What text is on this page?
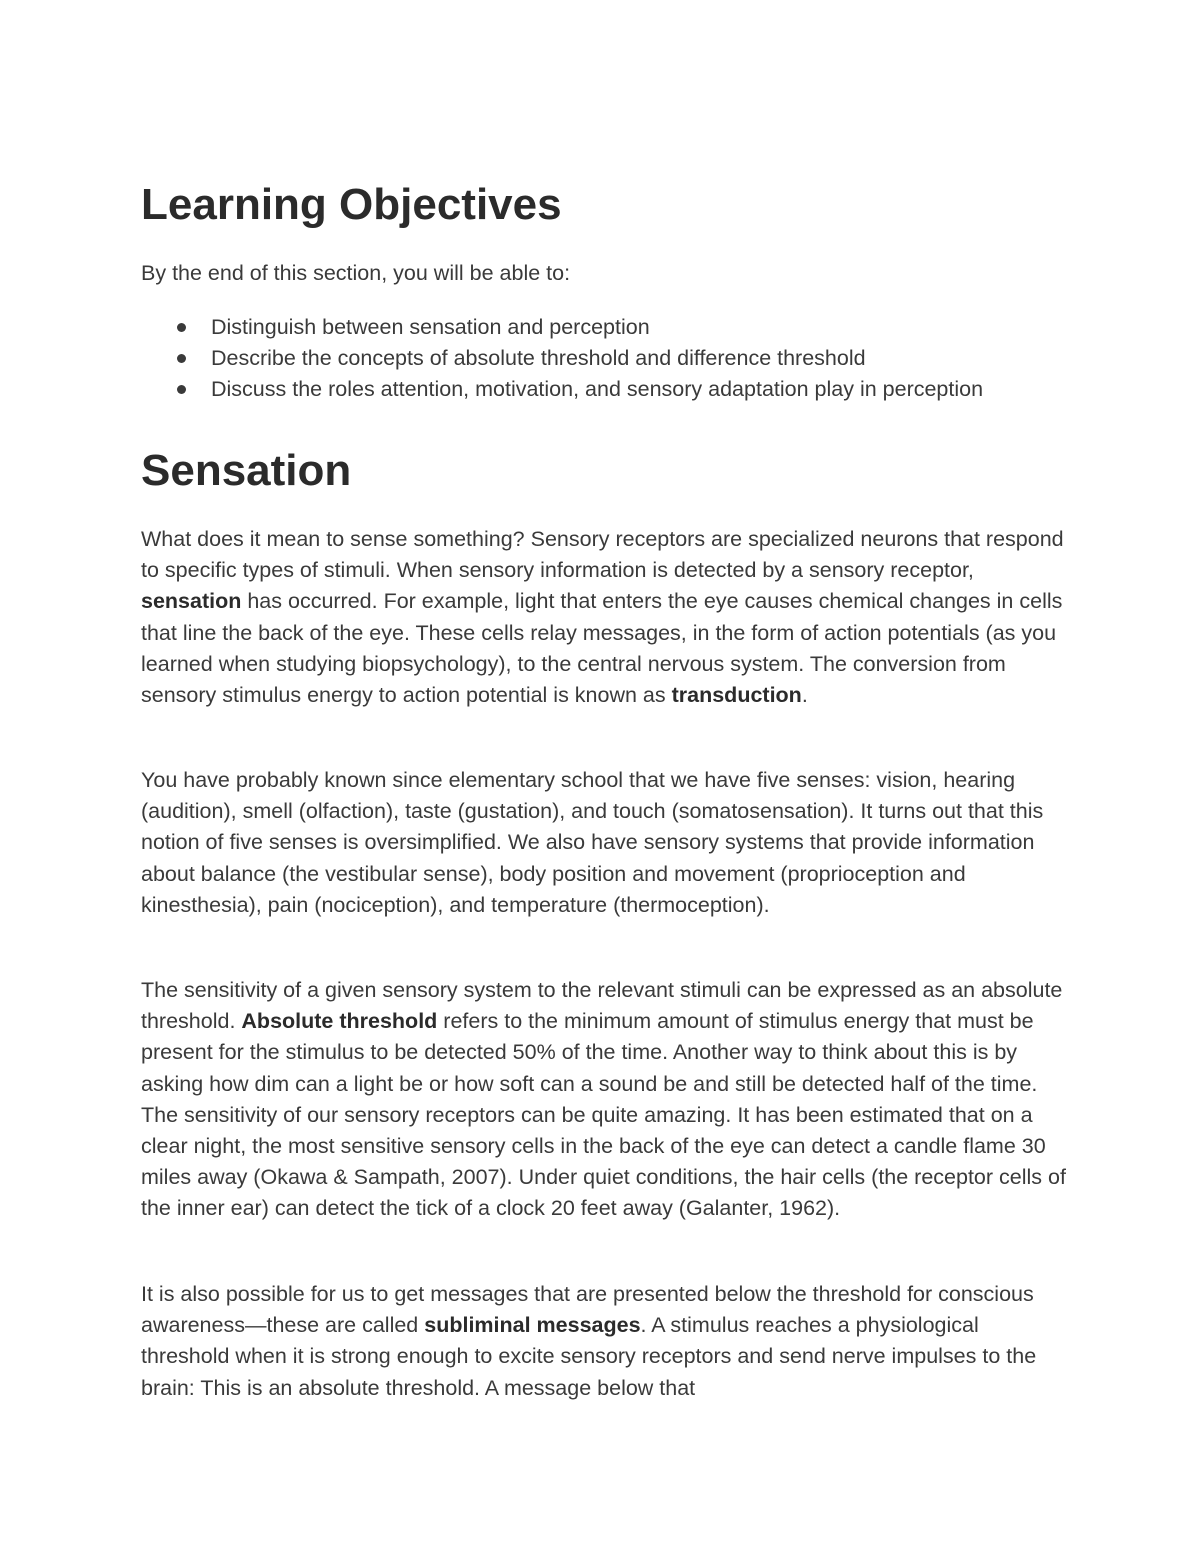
Learning Objectives

By the end of this section, you will be able to:

Distinguish between sensation and perception
Describe the concepts of absolute threshold and difference threshold
Discuss the roles attention, motivation, and sensory adaptation play in perception
Sensation

What does it mean to sense something? Sensory receptors are specialized neurons that respond to specific types of stimuli. When sensory information is detected by a sensory receptor, sensation has occurred. For example, light that enters the eye causes chemical changes in cells that line the back of the eye. These cells relay messages, in the form of action potentials (as you learned when studying biopsychology), to the central nervous system. The conversion from sensory stimulus energy to action potential is known as transduction.

You have probably known since elementary school that we have five senses: vision, hearing (audition), smell (olfaction), taste (gustation), and touch (somatosensation). It turns out that this notion of five senses is oversimplified. We also have sensory systems that provide information about balance (the vestibular sense), body position and movement (proprioception and kinesthesia), pain (nociception), and temperature (thermoception).

The sensitivity of a given sensory system to the relevant stimuli can be expressed as an absolute threshold. Absolute threshold refers to the minimum amount of stimulus energy that must be present for the stimulus to be detected 50% of the time. Another way to think about this is by asking how dim can a light be or how soft can a sound be and still be detected half of the time. The sensitivity of our sensory receptors can be quite amazing. It has been estimated that on a clear night, the most sensitive sensory cells in the back of the eye can detect a candle flame 30 miles away (Okawa & Sampath, 2007). Under quiet conditions, the hair cells (the receptor cells of the inner ear) can detect the tick of a clock 20 feet away (Galanter, 1962).

It is also possible for us to get messages that are presented below the threshold for conscious awareness—these are called subliminal messages. A stimulus reaches a physiological threshold when it is strong enough to excite sensory receptors and send nerve impulses to the brain: This is an absolute threshold. A message below that
